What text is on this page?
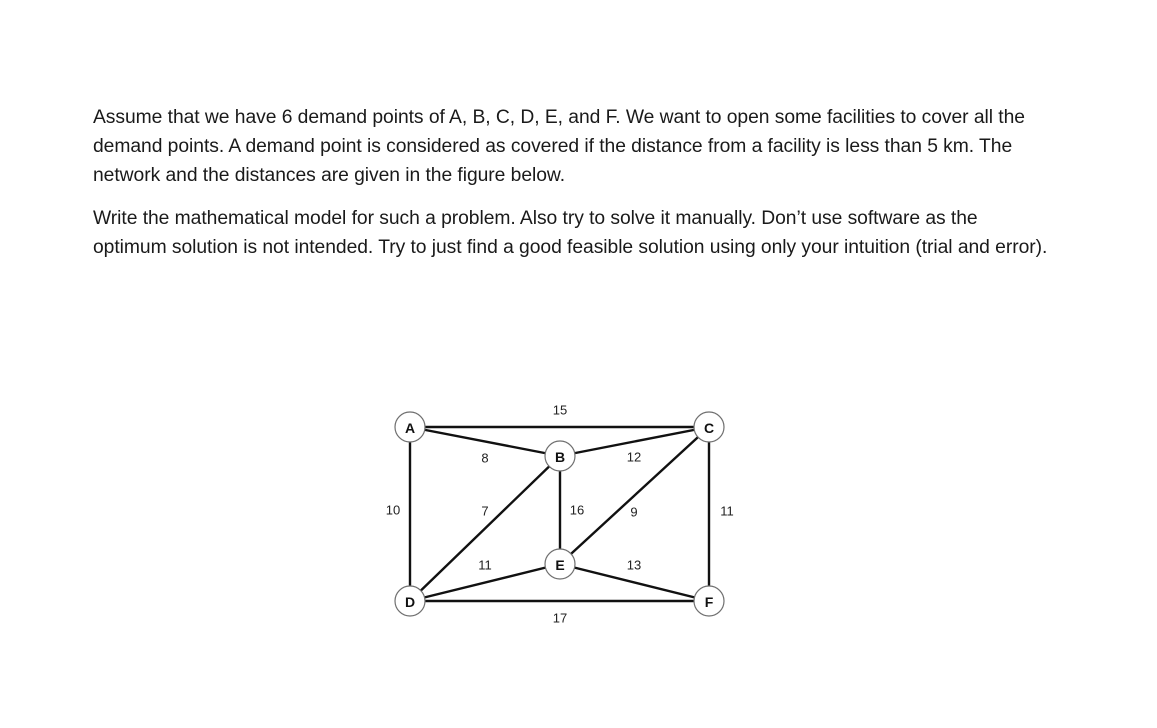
Assume that we have 6 demand points of A, B, C, D, E, and F. We want to open some facilities to cover all the demand points. A demand point is considered as covered if the distance from a facility is less than 5 km. The network and the distances are given in the figure below.

Write the mathematical model for such a problem. Also try to solve it manually. Don’t use software as the optimum solution is not intended. Try to just find a good feasible solution using only your intuition (trial and error).

15
8	12
10	7	16	9	11
11	13
17
A
B
C
D
E
F
